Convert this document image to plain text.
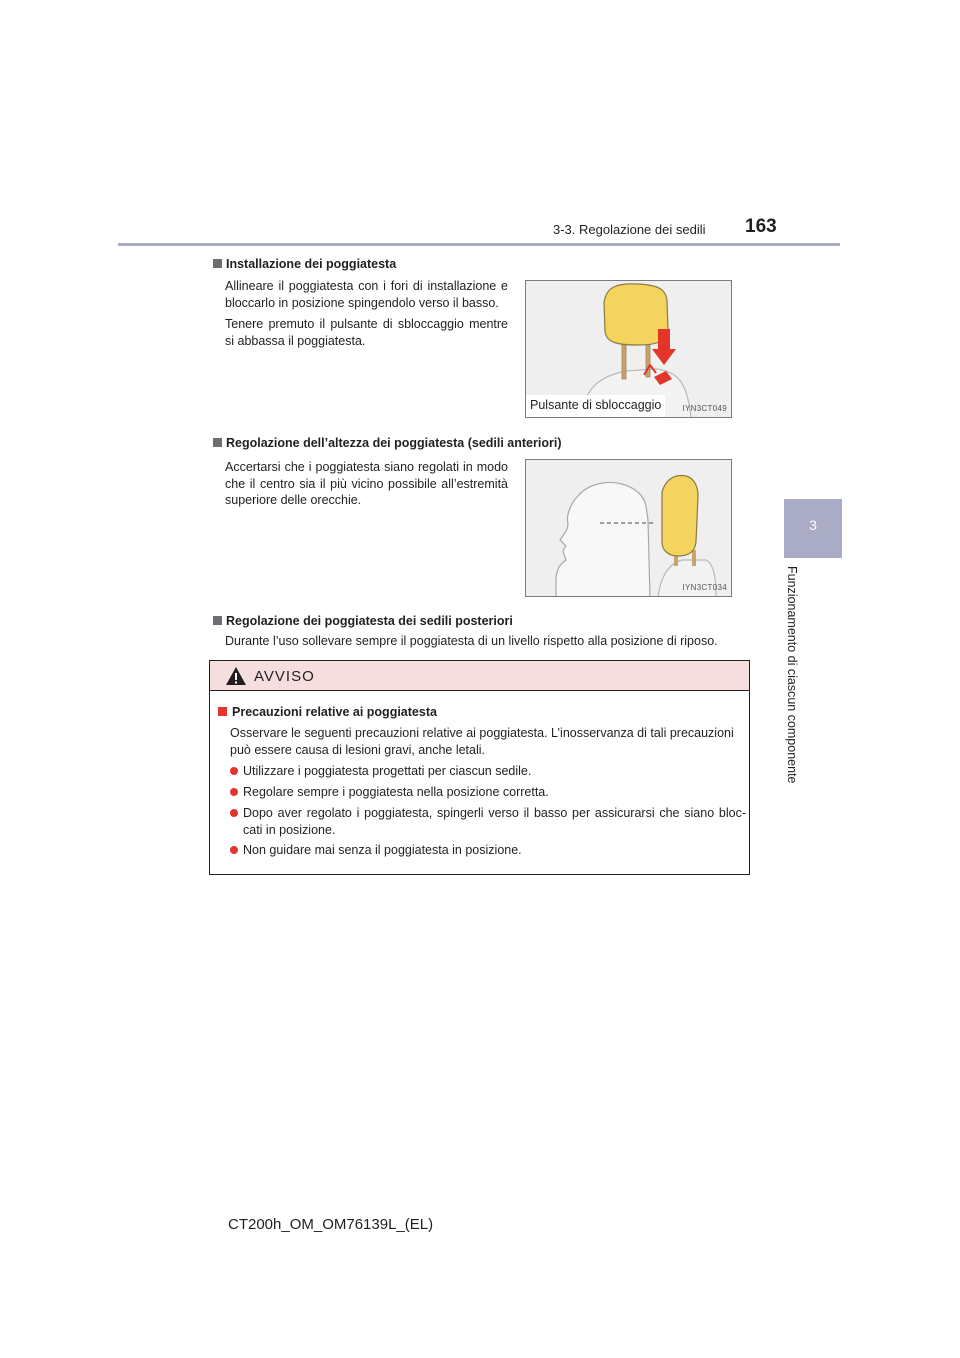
3-3. Regolazione dei sedili 163
3
Funzionamento di ciascun componente
Installazione dei poggiatesta
Allineare il poggiatesta con i fori di installazione e bloccarlo in posizione spingendolo verso il basso.
Tenere premuto il pulsante di sbloccaggio mentre si abbassa il poggiatesta.
Pulsante di sbloccaggio	IYN3CT049
Regolazione dell’altezza dei poggiatesta (sedili anteriori)
Accertarsi che i poggiatesta siano regolati in modo che il centro sia il più vicino possibile all’estremità superiore delle orecchie.
IYN3CT034
Regolazione dei poggiatesta dei sedili posteriori
Durante l’uso sollevare sempre il poggiatesta di un livello rispetto alla posizione di riposo.
AVVISO
Precauzioni relative ai poggiatesta
Osservare le seguenti precauzioni relative ai poggiatesta. L’inosservanza di tali precauzioni può essere causa di lesioni gravi, anche letali.
Utilizzare i poggiatesta progettati per ciascun sedile.
Regolare sempre i poggiatesta nella posizione corretta.
Dopo aver regolato i poggiatesta, spingerli verso il basso per assicurarsi che siano bloc-cati in posizione.
Non guidare mai senza il poggiatesta in posizione.
CT200h_OM_OM76139L_(EL)
